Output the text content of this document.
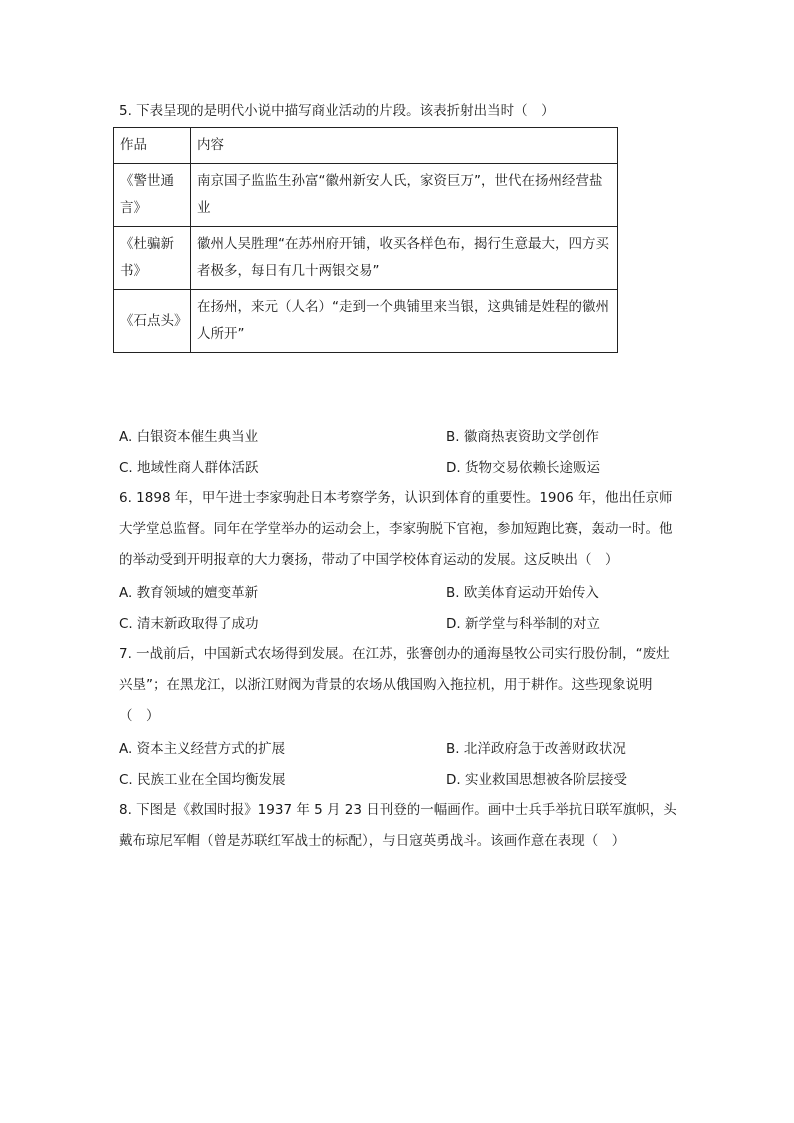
5. 下表呈现的是明代小说中描写商业活动的片段。该表折射出当时（　）
作品	内容
《警世通言》	南京国子监监生孙富“徽州新安人氏，家资巨万”，世代在扬州经营盐业
《杜骗新书》	徽州人吴胜理“在苏州府开铺，收买各样色布，揭行生意最大，四方买者极多，每日有几十两银交易”
《石点头》	在扬州，来元（人名）“走到一个典铺里来当银，这典铺是姓程的徽州人所开”
A. 白银资本催生典当业	B. 徽商热衷资助文学创作
C. 地域性商人群体活跃	D. 货物交易依赖长途贩运
6. 1898 年，甲午进士李家驹赴日本考察学务，认识到体育的重要性。1906 年，他出任京师大学堂总监督。同年在学堂举办的运动会上，李家驹脱下官袍，参加短跑比赛，轰动一时。他的举动受到开明报章的大力褒扬，带动了中国学校体育运动的发展。这反映出（　）
A. 教育领域的嬗变革新	B. 欧美体育运动开始传入
C. 清末新政取得了成功	D. 新学堂与科举制的对立
7. 一战前后，中国新式农场得到发展。在江苏，张謇创办的通海垦牧公司实行股份制，“废灶兴垦”；在黑龙江，以浙江财阀为背景的农场从俄国购入拖拉机，用于耕作。这些现象说明（　）
A. 资本主义经营方式的扩展	B. 北洋政府急于改善财政状况
C. 民族工业在全国均衡发展	D. 实业救国思想被各阶层接受
8. 下图是《救国时报》1937 年 5 月 23 日刊登的一幅画作。画中士兵手举抗日联军旗帜，头戴布琼尼军帽（曾是苏联红军战士的标配），与日寇英勇战斗。该画作意在表现（　）
